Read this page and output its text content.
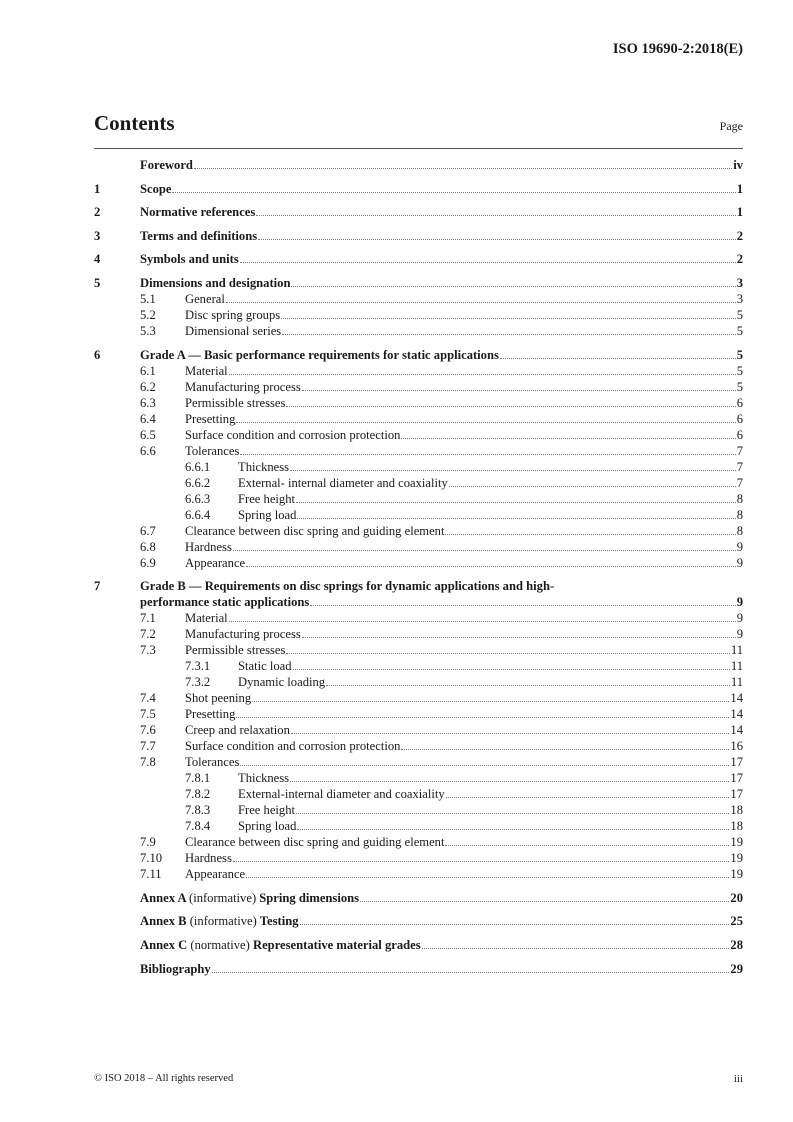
ISO 19690-2:2018(E)
Contents	Page
Foreword	iv
1	Scope	1
2	Normative references	1
3	Terms and definitions	2
4	Symbols and units	2
5	Dimensions and designation	3
5.1	General	3
5.2	Disc spring groups	5
5.3	Dimensional series	5
6	Grade A — Basic performance requirements for static applications	5
6.1	Material	5
6.2	Manufacturing process	5
6.3	Permissible stresses	6
6.4	Presetting	6
6.5	Surface condition and corrosion protection	6
6.6	Tolerances	7
6.6.1	Thickness	7
6.6.2	External- internal diameter and coaxiality	7
6.6.3	Free height	8
6.6.4	Spring load	8
6.7	Clearance between disc spring and guiding element	8
6.8	Hardness	9
6.9	Appearance	9
7	Grade B — Requirements on disc springs for dynamic applications and high-
performance static applications	9
7.1	Material	9
7.2	Manufacturing process	9
7.3	Permissible stresses	11
7.3.1	Static load	11
7.3.2	Dynamic loading	11
7.4	Shot peening	14
7.5	Presetting	14
7.6	Creep and relaxation	14
7.7	Surface condition and corrosion protection	16
7.8	Tolerances	17
7.8.1	Thickness	17
7.8.2	External-internal diameter and coaxiality	17
7.8.3	Free height	18
7.8.4	Spring load	18
7.9	Clearance between disc spring and guiding element	19
7.10	Hardness	19
7.11	Appearance	19
Annex A (informative) Spring dimensions	20
Annex B (informative) Testing	25
Annex C (normative) Representative material grades	28
Bibliography	29
© ISO 2018 – All rights reserved	iii
